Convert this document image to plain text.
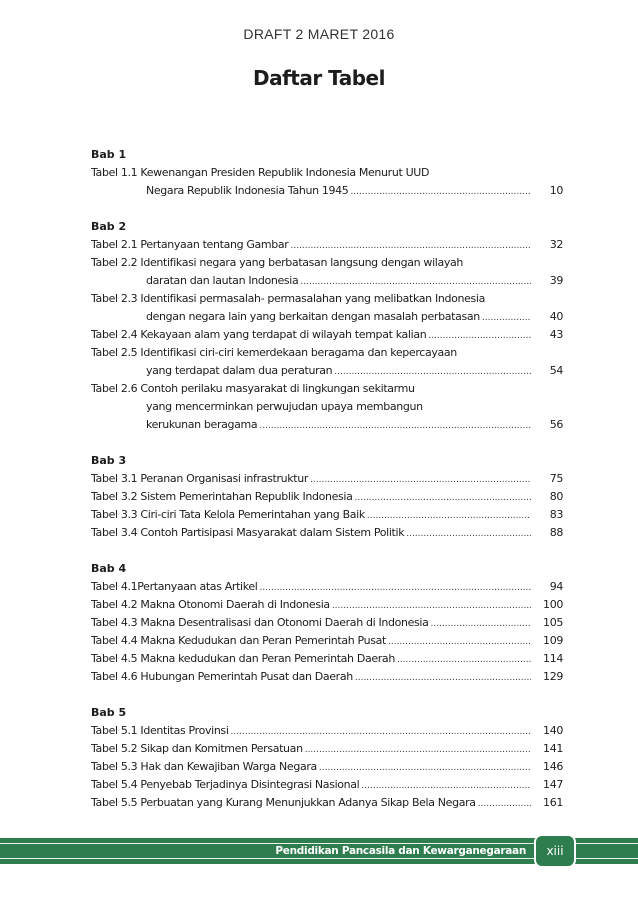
DRAFT 2 MARET 2016
Daftar Tabel
Bab 1
Tabel 1.1 Kewenangan Presiden Republik Indonesia Menurut UUD
Negara Republik Indonesia Tahun 1945 .....	10
Bab 2
Tabel 2.1 Pertanyaan tentang Gambar .....	32
Tabel 2.2 Identifikasi negara yang berbatasan langsung dengan wilayah
daratan dan lautan Indonesia .....	39
Tabel 2.3 Identifikasi permasalah- permasalahan yang melibatkan Indonesia
dengan negara lain yang berkaitan dengan masalah perbatasan .....	40
Tabel 2.4 Kekayaan alam yang terdapat di wilayah tempat kalian .....	43
Tabel 2.5 Identifikasi ciri-ciri kemerdekaan beragama dan kepercayaan
yang terdapat dalam dua peraturan .....	54
Tabel 2.6 Contoh perilaku masyarakat di lingkungan sekitarmu
yang mencerminkan perwujudan upaya membangun
kerukunan beragama .....	56
Bab 3
Tabel 3.1 Peranan Organisasi infrastruktur .....	75
Tabel 3.2 Sistem Pemerintahan Republik Indonesia .....	80
Tabel 3.3 Ciri-ciri Tata Kelola Pemerintahan yang Baik .....	83
Tabel 3.4 Contoh Partisipasi Masyarakat dalam Sistem Politik .....	88
Bab 4
Tabel 4.1Pertanyaan atas Artikel .....	94
Tabel 4.2 Makna Otonomi Daerah di Indonesia .....	100
Tabel 4.3 Makna Desentralisasi dan Otonomi Daerah di Indonesia .....	105
Tabel 4.4 Makna Kedudukan dan Peran Pemerintah Pusat .....	109
Tabel 4.5 Makna kedudukan dan Peran Pemerintah Daerah .....	114
Tabel 4.6 Hubungan Pemerintah Pusat dan Daerah .....	129
Bab 5
Tabel 5.1 Identitas Provinsi .....	140
Tabel 5.2 Sikap dan Komitmen Persatuan .....	141
Tabel 5.3 Hak dan Kewajiban Warga Negara .....	146
Tabel 5.4 Penyebab Terjadinya Disintegrasi Nasional .....	147
Tabel 5.5 Perbuatan yang Kurang Menunjukkan Adanya Sikap Bela Negara .....	161
Pendidikan Pancasila dan Kewarganegaraan	xiii
